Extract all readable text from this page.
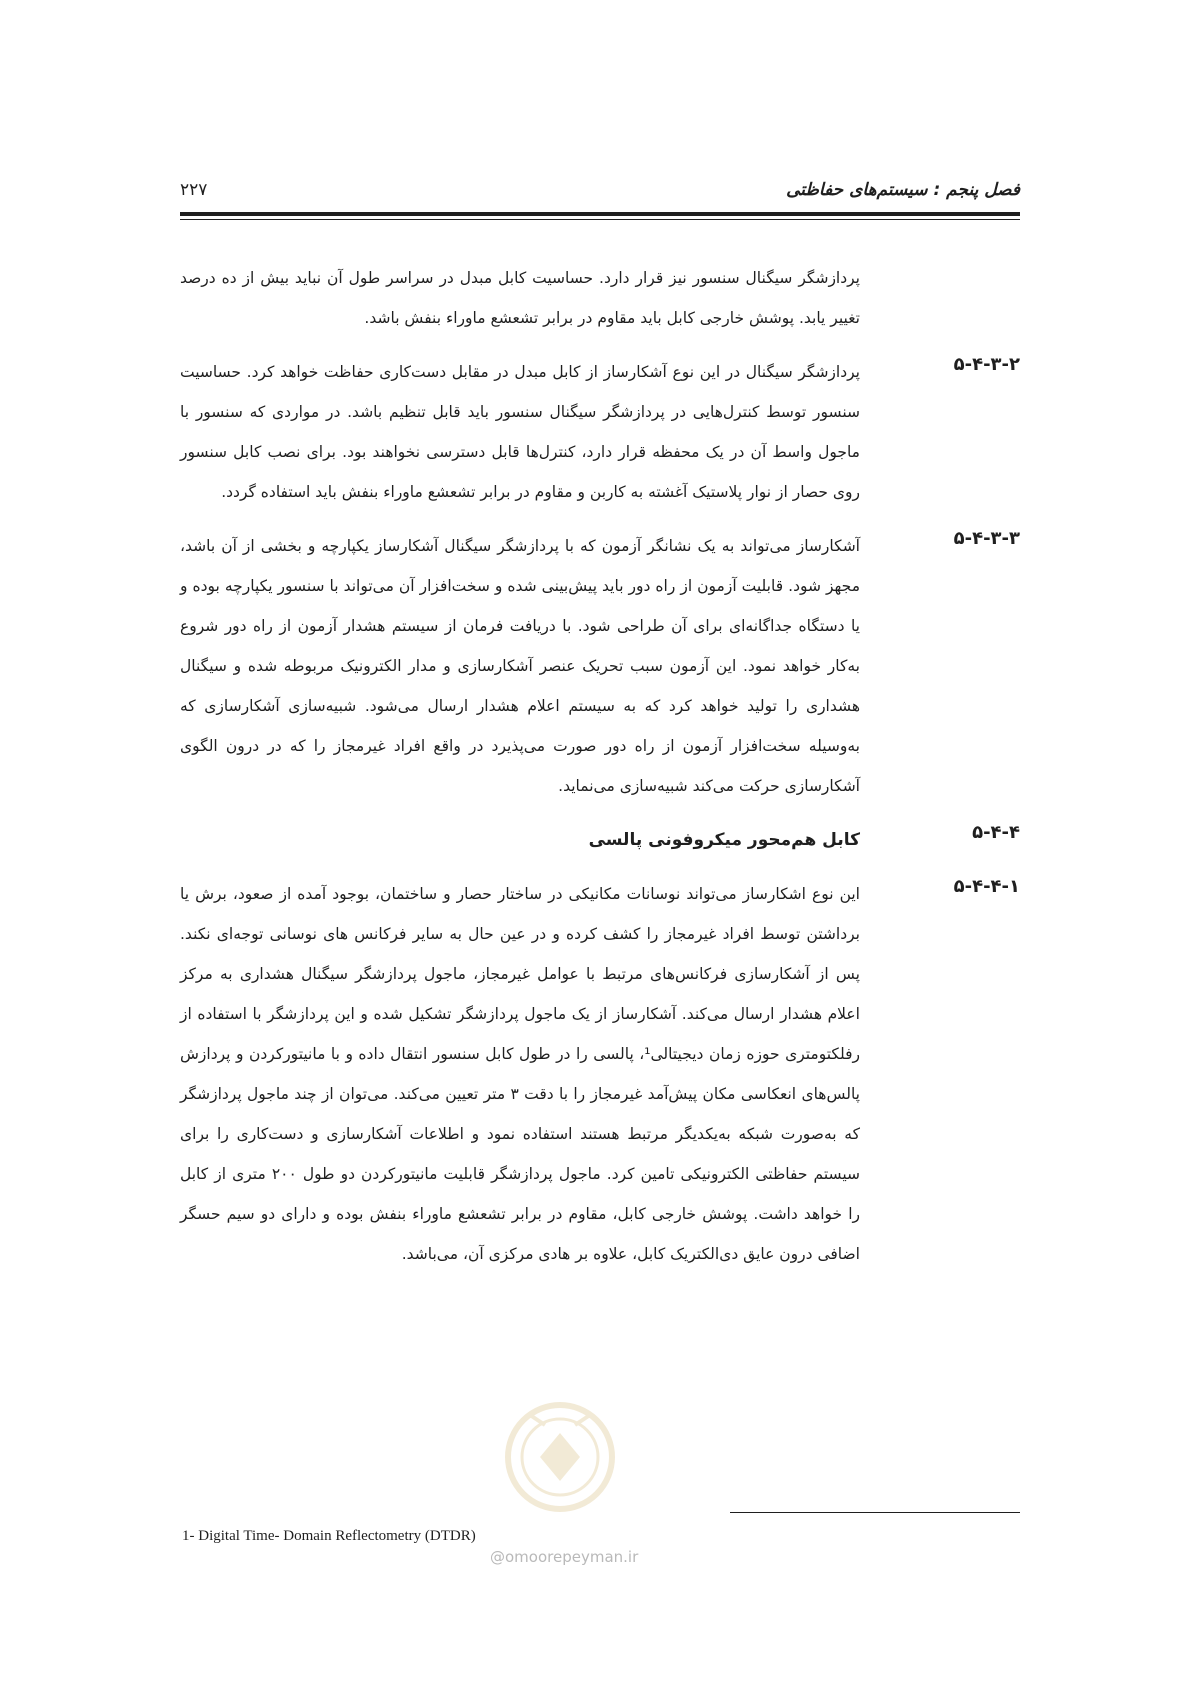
فصل پنجم : سیستم‌های حفاظتی
۲۲۷
پردازشگر سیگنال سنسور نیز قرار دارد. حساسیت کابل مبدل در سراسر طول آن نباید بیش از ده درصد تغییر یابد. پوشش خارجی کابل باید مقاوم در برابر تشعشع ماوراء بنفش باشد.
۵-۴-۳-۲
پردازشگر سیگنال در این نوع آشکارساز از کابل مبدل در مقابل دست‌کاری حفاظت خواهد کرد. حساسیت سنسور توسط کنترل‌هایی در پردازشگر سیگنال سنسور باید قابل تنظیم باشد. در مواردی که سنسور با ماجول واسط آن در یک محفظه قرار دارد، کنترل‌ها قابل دسترسی نخواهند بود. برای نصب کابل سنسور روی حصار از نوار پلاستیک آغشته به کاربن و مقاوم در برابر تشعشع ماوراء بنفش باید استفاده گردد.
۵-۴-۳-۳
آشکارساز می‌تواند به یک نشانگر آزمون که با پردازشگر سیگنال آشکارساز یکپارچه و بخشی از آن باشد، مجهز شود. قابلیت آزمون از راه دور باید پیش‌بینی شده و سخت‌افزار آن می‌تواند با سنسور یکپارچه بوده و یا دستگاه جداگانه‌ای برای آن طراحی شود. با دریافت فرمان از سیستم هشدار آزمون از راه دور شروع به‌کار خواهد نمود. این آزمون سبب تحریک عنصر آشکارسازی و مدار الکترونیک مربوطه شده و سیگنال هشداری را تولید خواهد کرد که به سیستم اعلام هشدار ارسال می‌شود. شبیه‌سازی آشکارسازی که به‌وسیله سخت‌افزار آزمون از راه دور صورت می‌پذیرد در واقع افراد غیرمجاز را که در درون الگوی آشکارسازی حرکت می‌کند شبیه‌سازی می‌نماید.
۵-۴-۴
کابل هم‌محور میکروفونی پالسی
۵-۴-۴-۱
این نوع اشکارساز می‌تواند نوسانات مکانیکی در ساختار حصار و ساختمان، بوجود آمده از صعود، برش یا برداشتن توسط افراد غیرمجاز را کشف کرده و در عین حال به سایر فرکانس های نوسانی توجه‌ای نکند. پس از آشکارسازی فرکانس‌های مرتبط با عوامل غیرمجاز، ماجول پردازشگر سیگنال هشداری به مرکز اعلام هشدار ارسال می‌کند. آشکارساز از یک ماجول پردازشگر تشکیل شده و این پردازشگر با استفاده از رفلکتومتری حوزه زمان دیجیتالی¹، پالسی را در طول کابل سنسور انتقال داده و با مانیتورکردن و پردازش پالس‌های انعکاسی مکان پیش‌آمد غیرمجاز را با دقت ۳ متر تعیین می‌کند. می‌توان از چند ماجول پردازشگر که به‌صورت شبکه به‌یکدیگر مرتبط هستند استفاده نمود و اطلاعات آشکارسازی و دست‌کاری را برای سیستم حفاظتی الکترونیکی تامین کرد. ماجول پردازشگر قابلیت مانیتورکردن دو طول ۲۰۰ متری از کابل را خواهد داشت. پوشش خارجی کابل، مقاوم در برابر تشعشع ماوراء بنفش بوده و دارای دو سیم حسگر اضافی درون عایق دی‌الکتریک کابل، علاوه بر هادی مرکزی آن، می‌باشد.
1- Digital Time- Domain Reflectometry (DTDR)
@omoorepeyman.ir
